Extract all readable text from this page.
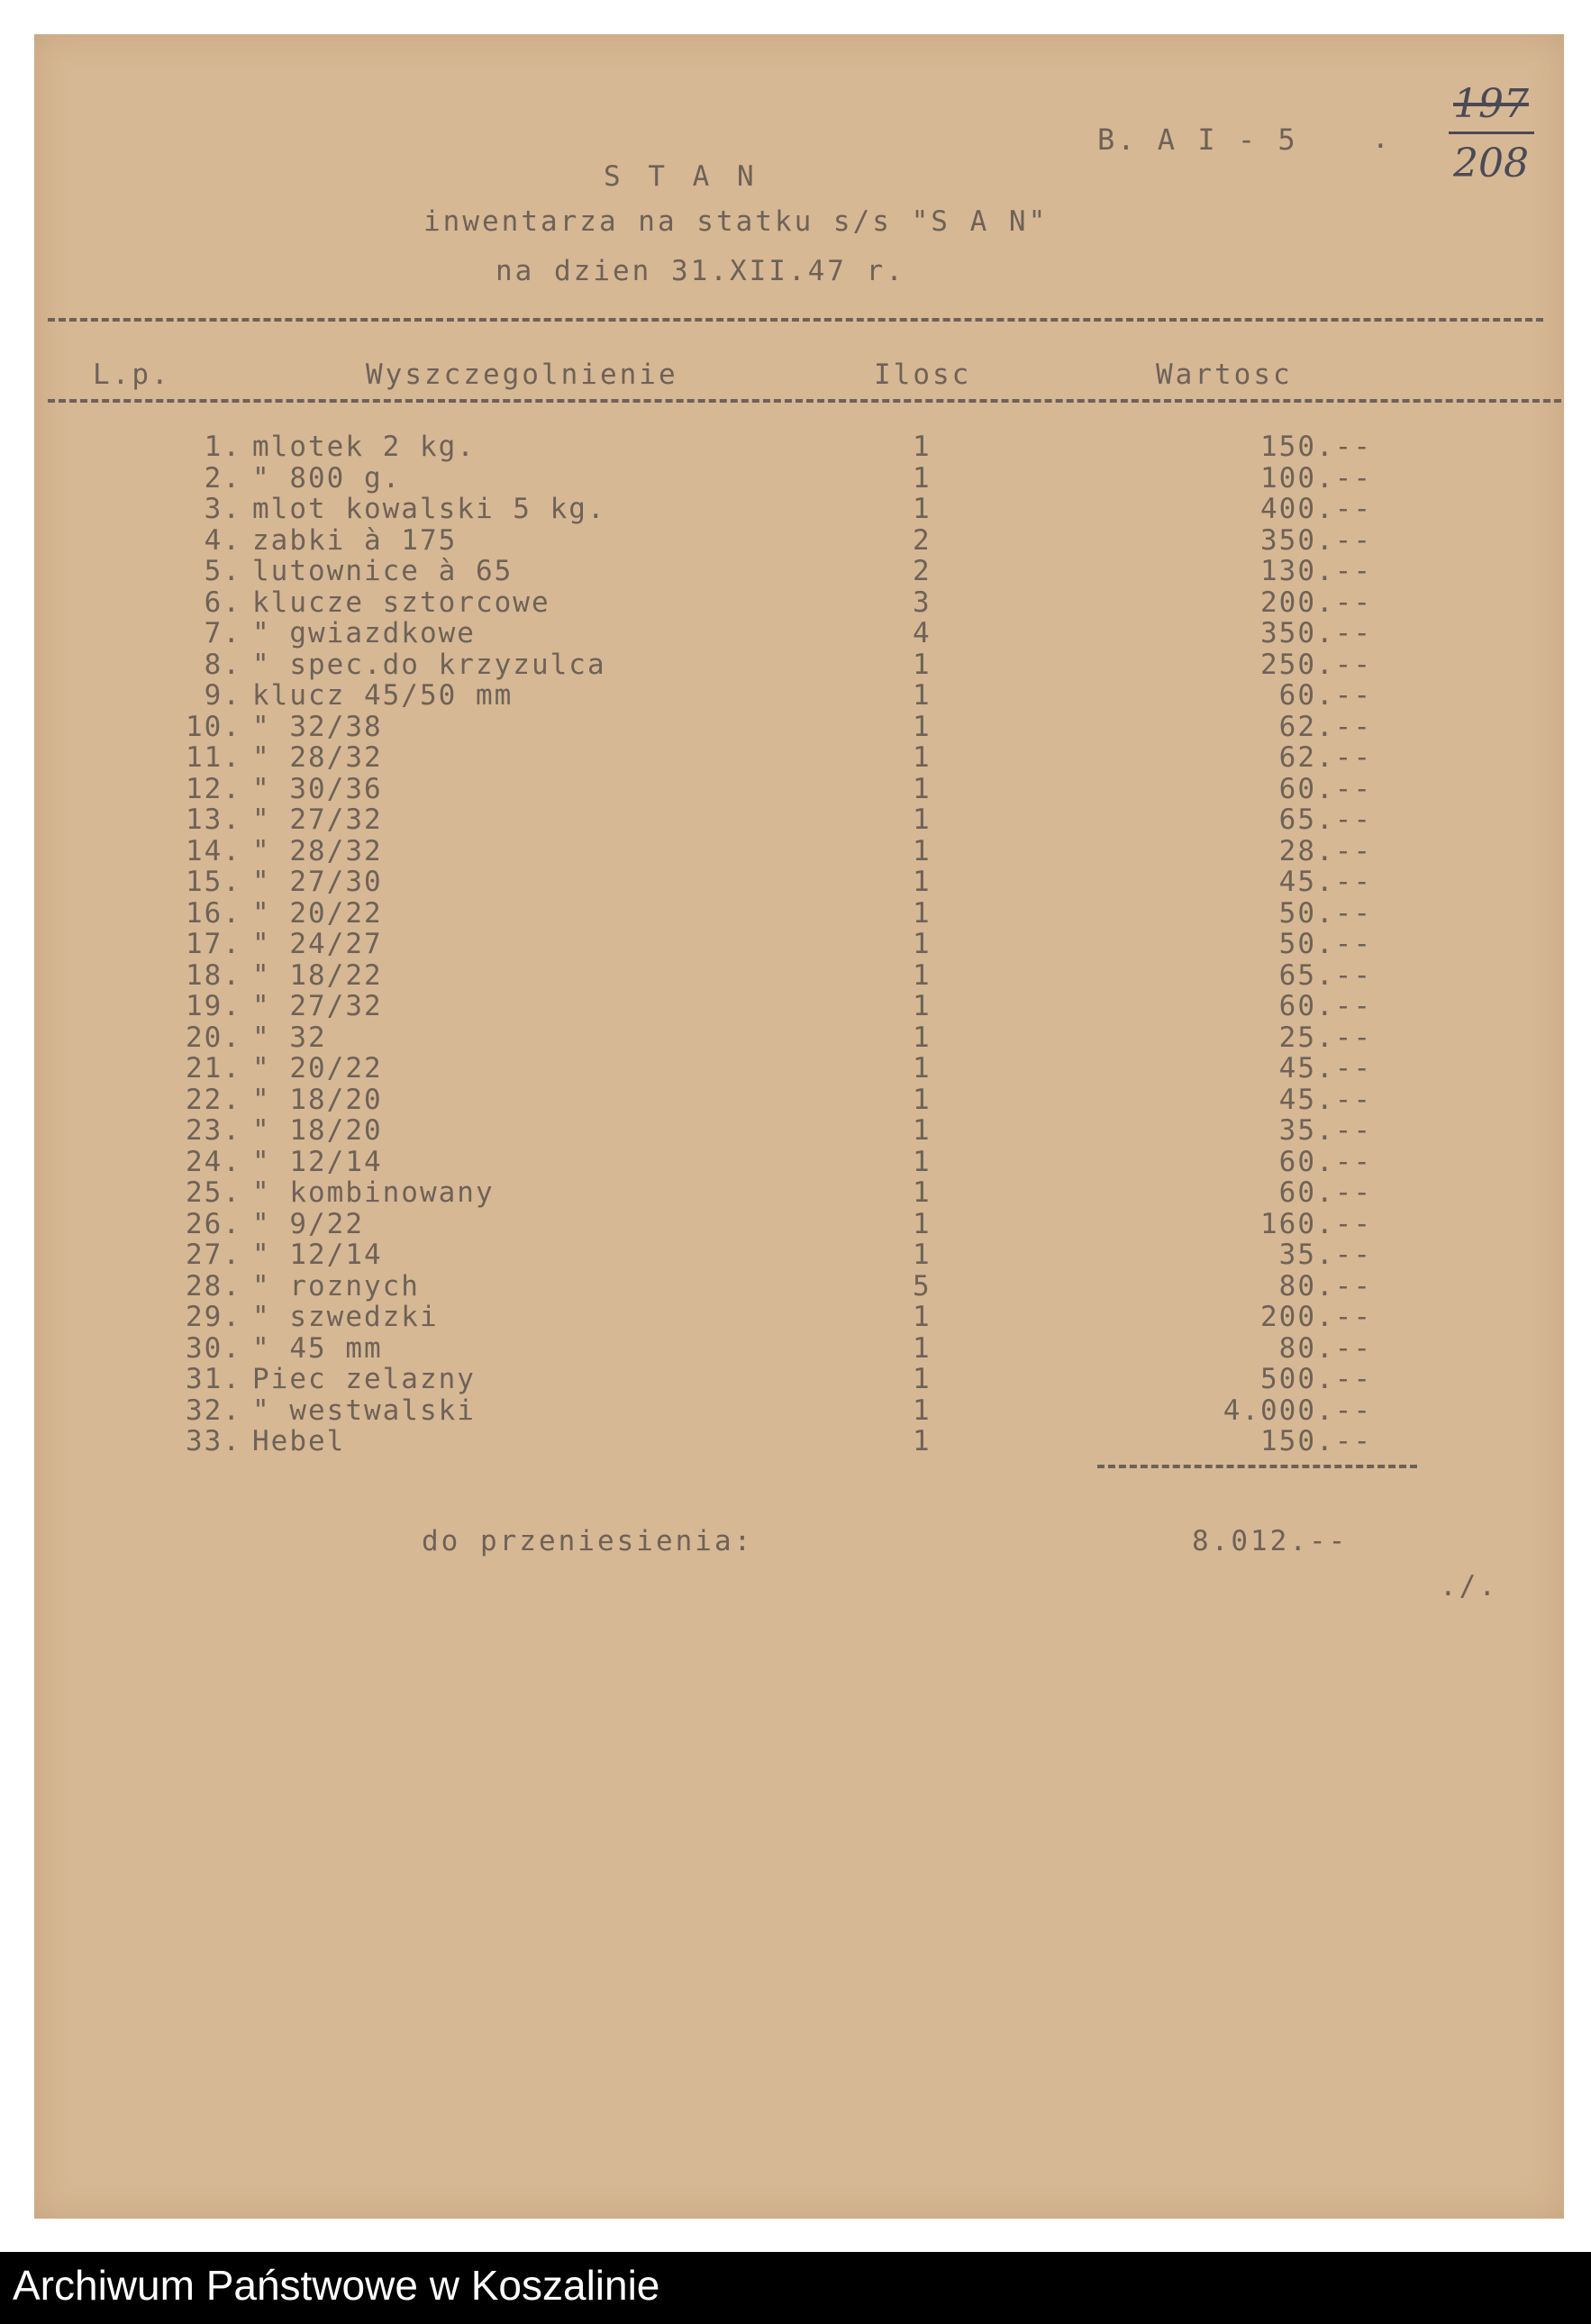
B. A I - 5	.
197
208
S T A N
inwentarza na statku s/s "S A N"
na dzien 31.XII.47 r.
L.p.	Wyszczegolnienie	Ilosc	Wartosc
1. mlotek 2 kg.	1	150.--
2. " 800 g.	1	100.--
3. mlot kowalski 5 kg.	1	400.--
4. zabki à 175	2	350.--
5. lutownice à 65	2	130.--
6. klucze sztorcowe	3	200.--
7. " gwiazdkowe	4	350.--
8. " spec.do krzyzulca	1	250.--
9. klucz 45/50 mm	1	60.--
10. " 32/38	1	62.--
11. " 28/32	1	62.--
12. " 30/36	1	60.--
13. " 27/32	1	65.--
14. " 28/32	1	28.--
15. " 27/30	1	45.--
16. " 20/22	1	50.--
17. " 24/27	1	50.--
18. " 18/22	1	65.--
19. " 27/32	1	60.--
20. " 32	1	25.--
21. " 20/22	1	45.--
22. " 18/20	1	45.--
23. " 18/20	1	35.--
24. " 12/14	1	60.--
25. " kombinowany	1	60.--
26. " 9/22	1	160.--
27. " 12/14	1	35.--
28. " roznych	5	80.--
29. " szwedzki	1	200.--
30. " 45 mm	1	80.--
31. Piec zelazny	1	500.--
32. " westwalski	1	4.000.--
33. Hebel	1	150.--
do przeniesienia:	8.012.--
./.
Archiwum Państwowe w Koszalinie
